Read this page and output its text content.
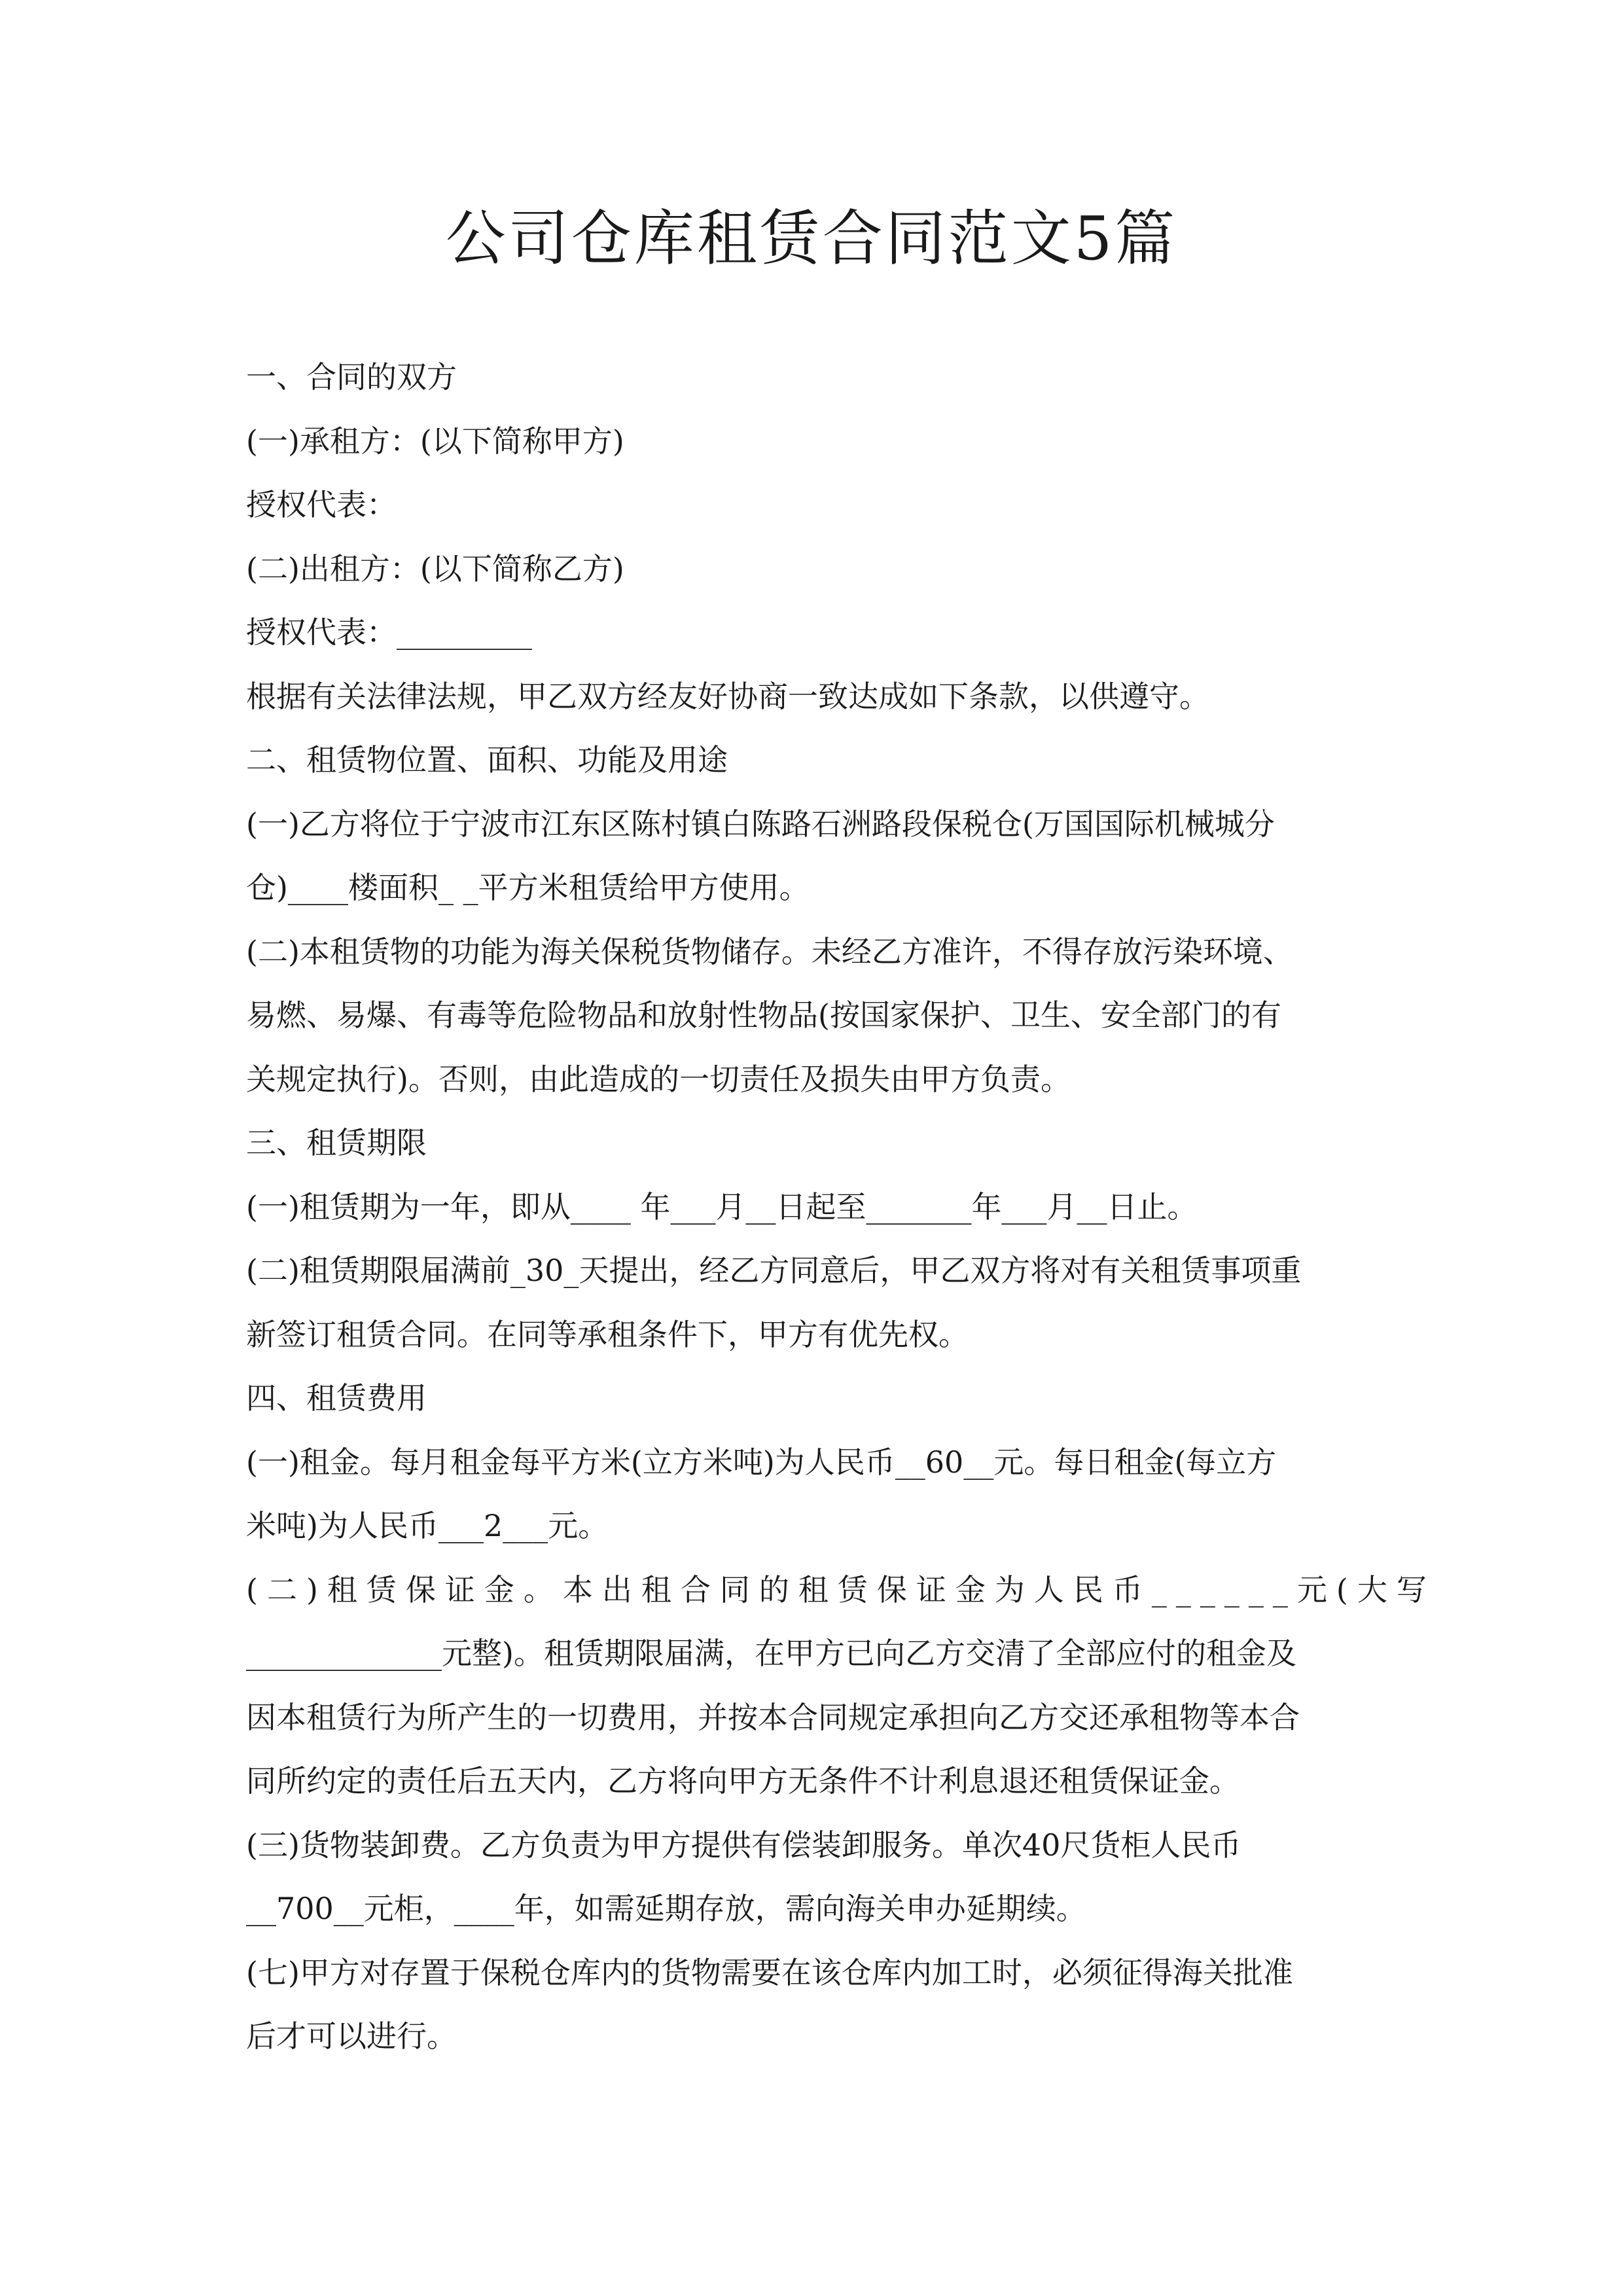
公司仓库租赁合同范文5篇

一、合同的双方

(一)承租方：(以下简称甲方)

授权代表：

(二)出租方：(以下简称乙方)

授权代表：_________

根据有关法律法规，甲乙双方经友好协商一致达成如下条款，以供遵守。

二、租赁物位置、面积、功能及用途

(一)乙方将位于宁波市江东区陈村镇白陈路石洲路段保税仓(万国国际机械城分

仓)____楼面积_ _平方米租赁给甲方使用。

(二)本租赁物的功能为海关保税货物储存。未经乙方准许，不得存放污染环境、

易燃、易爆、有毒等危险物品和放射性物品(按国家保护、卫生、安全部门的有

关规定执行)。否则，由此造成的一切责任及损失由甲方负责。

三、租赁期限

(一)租赁期为一年，即从____ 年___月__日起至_______年___月__日止。

(二)租赁期限届满前_30_天提出，经乙方同意后，甲乙双方将对有关租赁事项重

新签订租赁合同。在同等承租条件下，甲方有优先权。

四、租赁费用

(一)租金。每月租金每平方米(立方米吨)为人民币__60__元。每日租金(每立方

米吨)为人民币___2___元。

(二)租赁保证金。本出租合同的租赁保证金为人民币______元(大写

_____________元整)。租赁期限届满，在甲方已向乙方交清了全部应付的租金及

因本租赁行为所产生的一切费用，并按本合同规定承担向乙方交还承租物等本合

同所约定的责任后五天内，乙方将向甲方无条件不计利息退还租赁保证金。

(三)货物装卸费。乙方负责为甲方提供有偿装卸服务。单次40尺货柜人民币

__700__元柜，____年，如需延期存放，需向海关申办延期续。

(七)甲方对存置于保税仓库内的货物需要在该仓库内加工时，必须征得海关批准

后才可以进行。
